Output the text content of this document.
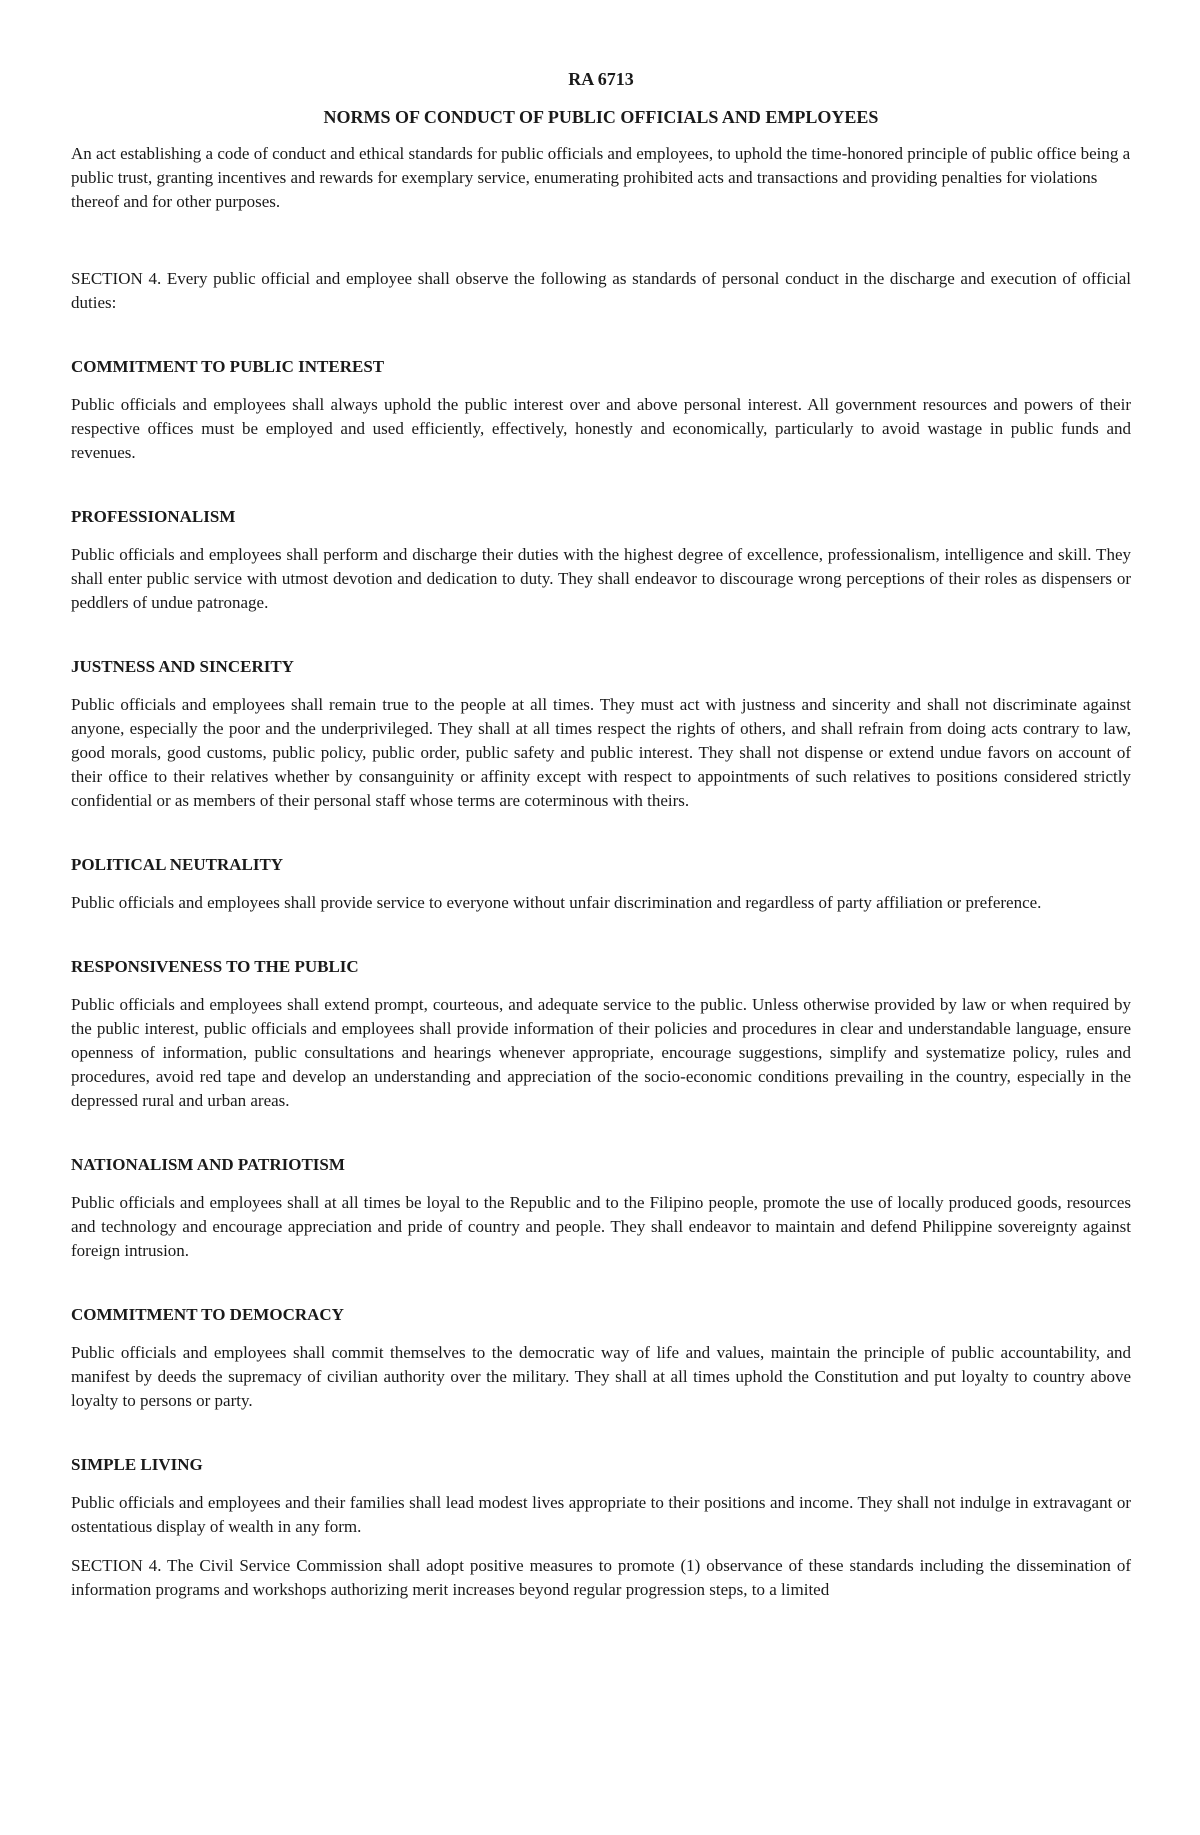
RA 6713
NORMS OF CONDUCT OF PUBLIC OFFICIALS AND EMPLOYEES

An act establishing a code of conduct and ethical standards for public officials and employees, to uphold the time-honored principle of public office being a public trust, granting incentives and rewards for exemplary service, enumerating prohibited acts and transactions and providing penalties for violations thereof and for other purposes.

SECTION 4. Every public official and employee shall observe the following as standards of personal conduct in the discharge and execution of official duties:

COMMITMENT TO PUBLIC INTEREST

Public officials and employees shall always uphold the public interest over and above personal interest. All government resources and powers of their respective offices must be employed and used efficiently, effectively, honestly and economically, particularly to avoid wastage in public funds and revenues.

PROFESSIONALISM

Public officials and employees shall perform and discharge their duties with the highest degree of excellence, professionalism, intelligence and skill. They shall enter public service with utmost devotion and dedication to duty. They shall endeavor to discourage wrong perceptions of their roles as dispensers or peddlers of undue patronage.

JUSTNESS AND SINCERITY

Public officials and employees shall remain true to the people at all times. They must act with justness and sincerity and shall not discriminate against anyone, especially the poor and the underprivileged. They shall at all times respect the rights of others, and shall refrain from doing acts contrary to law, good morals, good customs, public policy, public order, public safety and public interest. They shall not dispense or extend undue favors on account of their office to their relatives whether by consanguinity or affinity except with respect to appointments of such relatives to positions considered strictly confidential or as members of their personal staff whose terms are coterminous with theirs.

POLITICAL NEUTRALITY

Public officials and employees shall provide service to everyone without unfair discrimination and regardless of party affiliation or preference.

RESPONSIVENESS TO THE PUBLIC

Public officials and employees shall extend prompt, courteous, and adequate service to the public. Unless otherwise provided by law or when required by the public interest, public officials and employees shall provide information of their policies and procedures in clear and understandable language, ensure openness of information, public consultations and hearings whenever appropriate, encourage suggestions, simplify and systematize policy, rules and procedures, avoid red tape and develop an understanding and appreciation of the socio-economic conditions prevailing in the country, especially in the depressed rural and urban areas.

NATIONALISM AND PATRIOTISM

Public officials and employees shall at all times be loyal to the Republic and to the Filipino people, promote the use of locally produced goods, resources and technology and encourage appreciation and pride of country and people. They shall endeavor to maintain and defend Philippine sovereignty against foreign intrusion.

COMMITMENT TO DEMOCRACY

Public officials and employees shall commit themselves to the democratic way of life and values, maintain the principle of public accountability, and manifest by deeds the supremacy of civilian authority over the military. They shall at all times uphold the Constitution and put loyalty to country above loyalty to persons or party.

SIMPLE LIVING

Public officials and employees and their families shall lead modest lives appropriate to their positions and income. They shall not indulge in extravagant or ostentatious display of wealth in any form.

SECTION 4. The Civil Service Commission shall adopt positive measures to promote (1) observance of these standards including the dissemination of information programs and workshops authorizing merit increases beyond regular progression steps, to a limited
